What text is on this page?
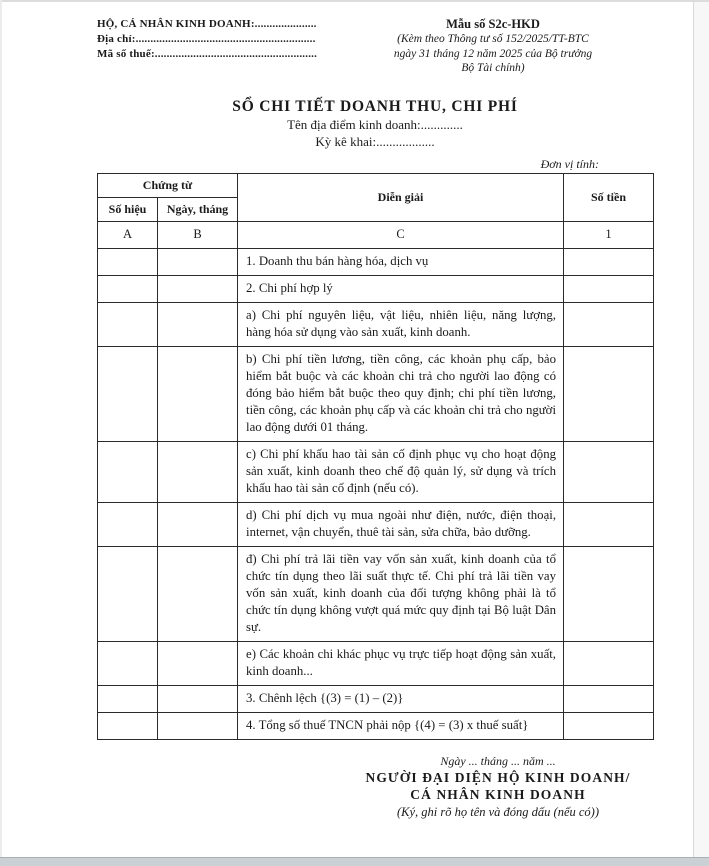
HỘ, CÁ NHÂN KINH DOANH:.....................
Địa chỉ:.............................................................
Mã số thuế:.......................................................
Mẫu số S2c-HKD
(Kèm theo Thông tư số 152/2025/TT-BTC
ngày 31 tháng 12 năm 2025 của Bộ trưởng
Bộ Tài chính)
SỔ CHI TIẾT DOANH THU, CHI PHÍ
Tên địa điểm kinh doanh:.............
Kỳ kê khai:..................
Đơn vị tính:
Chứng từ		Diễn giải	Số tiền
Số hiệu	Ngày, tháng		
A	B	C	1
		1. Doanh thu bán hàng hóa, dịch vụ	
		2. Chi phí hợp lý	
		a) Chi phí nguyên liệu, vật liệu, nhiên liệu, năng lượng, hàng hóa sử dụng vào sản xuất, kinh doanh.	
		b) Chi phí tiền lương, tiền công, các khoản phụ cấp, bảo hiểm bắt buộc và các khoản chi trả cho người lao động có đóng bảo hiểm bắt buộc theo quy định; chi phí tiền lương, tiền công, các khoản phụ cấp và các khoản chi trả cho người lao động dưới 01 tháng.	
		c) Chi phí khấu hao tài sản cố định phục vụ cho hoạt động sản xuất, kinh doanh theo chế độ quản lý, sử dụng và trích khấu hao tài sản cố định (nếu có).	
		d) Chi phí dịch vụ mua ngoài như điện, nước, điện thoại, internet, vận chuyển, thuê tài sản, sửa chữa, bảo dưỡng.	
		đ) Chi phí trả lãi tiền vay vốn sản xuất, kinh doanh của tổ chức tín dụng theo lãi suất thực tế. Chi phí trả lãi tiền vay vốn sản xuất, kinh doanh của đối tượng không phải là tổ chức tín dụng không vượt quá mức quy định tại Bộ luật Dân sự.	
		e) Các khoản chi khác phục vụ trực tiếp hoạt động sản xuất, kinh doanh...	
		3. Chênh lệch {(3) = (1) – (2)}	
		4. Tổng số thuế TNCN phải nộp {(4) = (3) x thuế suất}	
Ngày ... tháng ... năm ...
NGƯỜI ĐẠI DIỆN HỘ KINH DOANH/
CÁ NHÂN KINH DOANH
(Ký, ghi rõ họ tên và đóng dấu (nếu có))
